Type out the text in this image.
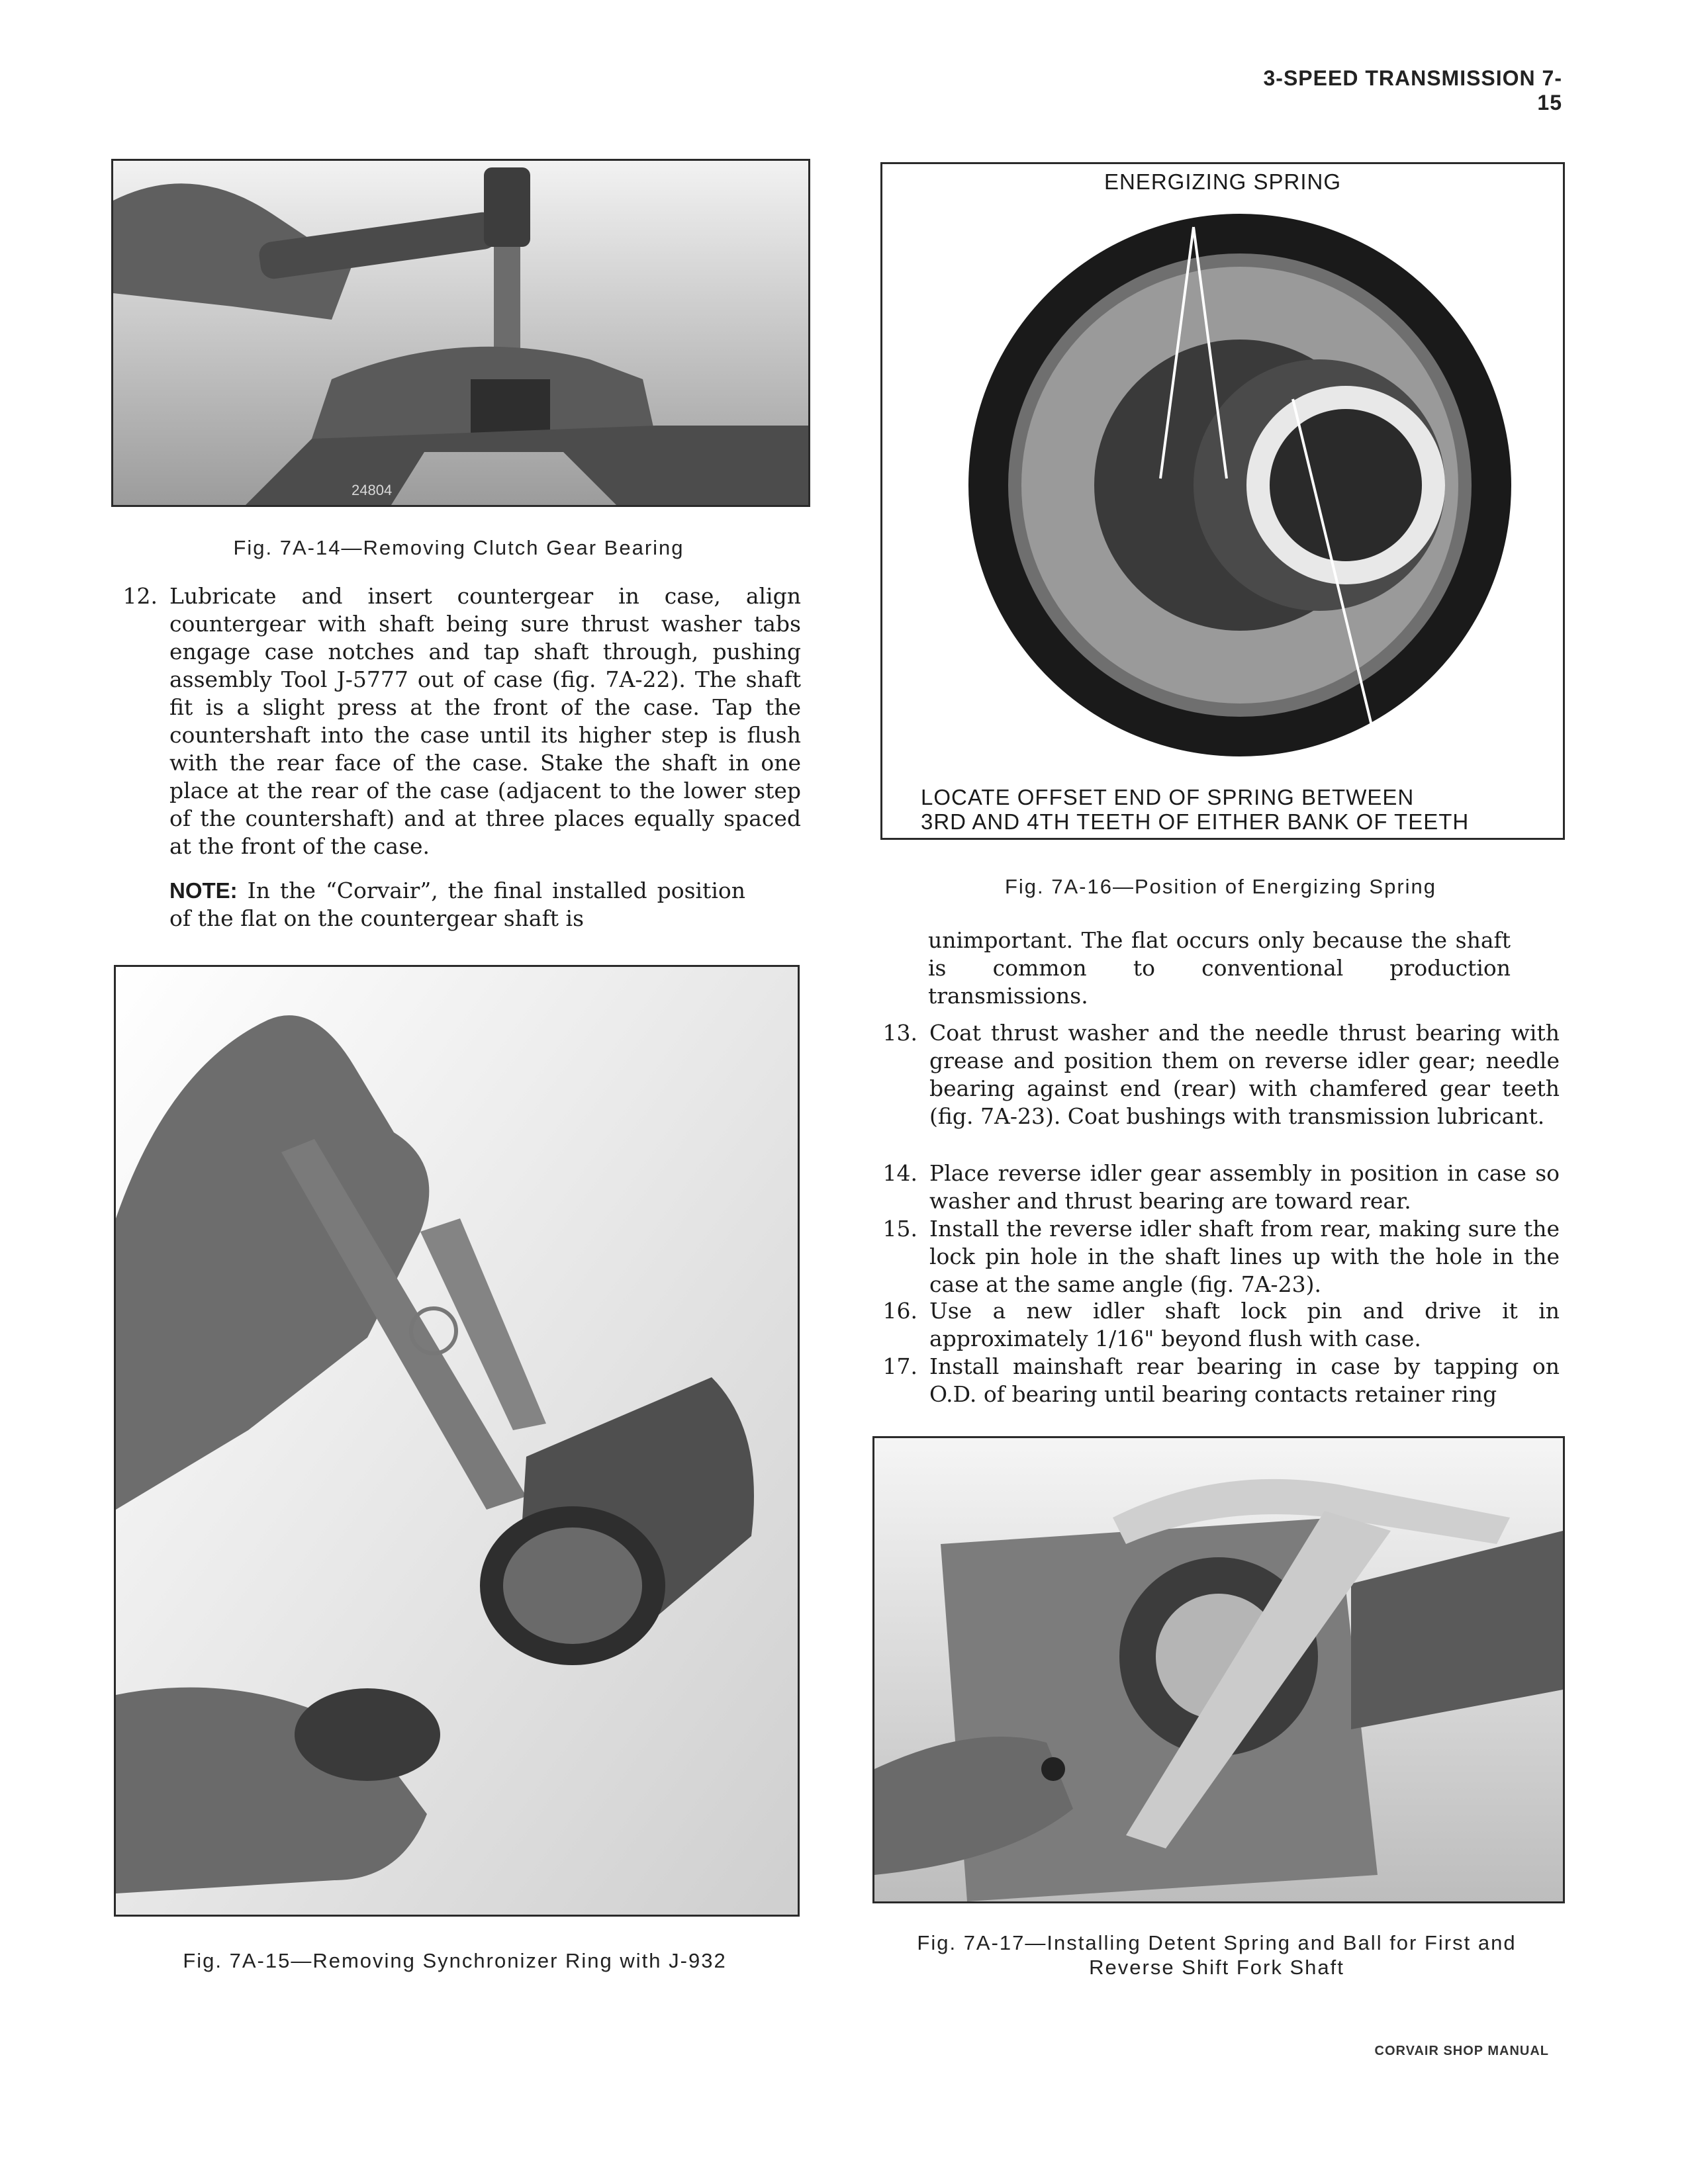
3-SPEED TRANSMISSION 7-15
24804
Fig. 7A-14—Removing Clutch Gear Bearing
12. Lubricate and insert countergear in case, align countergear with shaft being sure thrust washer tabs engage case notches and tap shaft through, pushing assembly Tool J-5777 out of case (fig. 7A-22). The shaft fit is a slight press at the front of the case. Tap the countershaft into the case until its higher step is flush with the rear face of the case. Stake the shaft in one place at the rear of the case (adjacent to the lower step of the countershaft) and at three places equally spaced at the front of the case.
NOTE: In the “Corvair”, the final installed position of the flat on the countergear shaft is
Fig. 7A-15—Removing Synchronizer Ring with J-932
ENERGIZING SPRING
LOCATE OFFSET END OF SPRING BETWEEN
3RD AND 4TH TEETH OF EITHER BANK OF TEETH
Fig. 7A-16—Position of Energizing Spring
unimportant. The flat occurs only because the shaft is common to conventional production transmissions.
13. Coat thrust washer and the needle thrust bearing with grease and position them on reverse idler gear; needle bearing against end (rear) with chamfered gear teeth (fig. 7A-23). Coat bushings with transmission lubricant.
14. Place reverse idler gear assembly in position in case so washer and thrust bearing are toward rear.
15. Install the reverse idler shaft from rear, making sure the lock pin hole in the shaft lines up with the hole in the case at the same angle (fig. 7A-23).
16. Use a new idler shaft lock pin and drive it in approximately 1/16" beyond flush with case.
17. Install mainshaft rear bearing in case by tapping on O.D. of bearing until bearing contacts retainer ring
Fig. 7A-17—Installing Detent Spring and Ball for First and
Reverse Shift Fork Shaft
CORVAIR SHOP MANUAL
